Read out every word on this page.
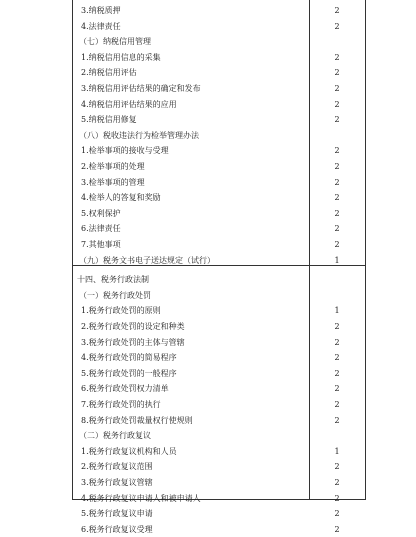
3.纳税质押	2
4.法律责任	2
（七）纳税信用管理
1.纳税信用信息的采集	2
2.纳税信用评估	2
3.纳税信用评估结果的确定和发布	2
4.纳税信用评估结果的应用	2
5.纳税信用修复	2
（八）税收违法行为检举管理办法
1.检举事项的接收与受理	2
2.检举事项的处理	2
3.检举事项的管理	2
4.检举人的答复和奖励	2
5.权利保护	2
6.法律责任	2
7.其他事项	2
（九）税务文书电子送达规定（试行）	1
十四、税务行政法制
（一）税务行政处罚
1.税务行政处罚的原则	1
2.税务行政处罚的设定和种类	2
3.税务行政处罚的主体与管辖	2
4.税务行政处罚的简易程序	2
5.税务行政处罚的一般程序	2
6.税务行政处罚权力清单	2
7.税务行政处罚的执行	2
8.税务行政处罚裁量权行使规则	2
（二）税务行政复议
1.税务行政复议机构和人员	1
2.税务行政复议范围	2
3.税务行政复议管辖	2
4.税务行政复议申请人和被申请人	2
5.税务行政复议申请	2
6.税务行政复议受理	2
